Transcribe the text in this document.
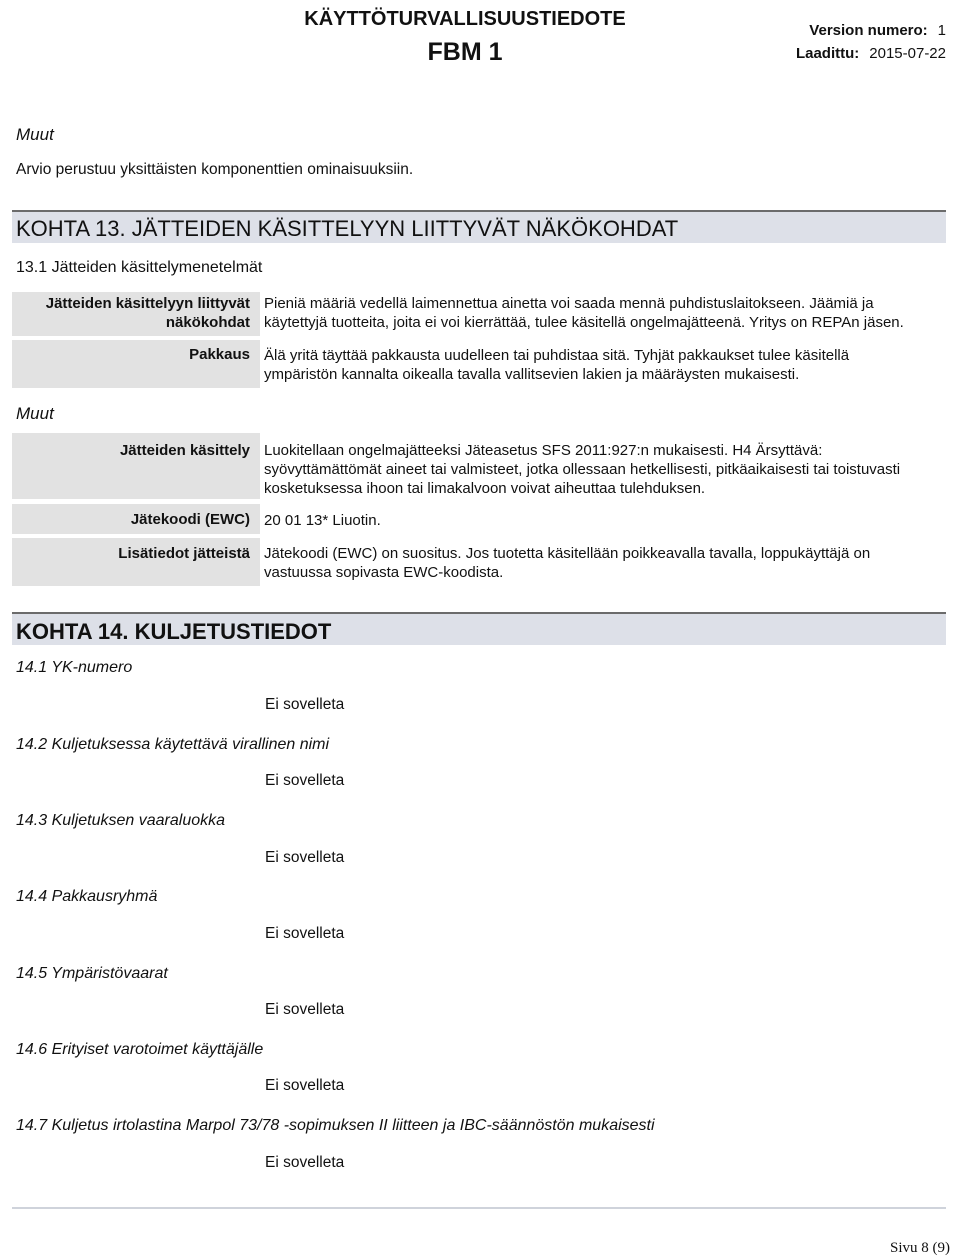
KÄYTTÖTURVALLISUUSTIEDOTE
FBM 1
Version numero: 1
Laadittu: 2015-07-22
Muut
Arvio perustuu yksittäisten komponenttien ominaisuuksiin.
KOHTA 13. JÄTTEIDEN KÄSITTELYYN LIITTYVÄT NÄKÖKOHDAT
13.1 Jätteiden käsittelymenetelmät
Jätteiden käsittelyyn liittyvät
näkökohdat
Pieniä määriä vedellä laimennettua ainetta voi saada mennä puhdistuslaitokseen. Jäämiä ja
käytettyjä tuotteita, joita ei voi kierrättää, tulee käsitellä ongelmajätteenä. Yritys on REPAn jäsen.
Pakkaus Älä yritä täyttää pakkausta uudelleen tai puhdistaa sitä. Tyhjät pakkaukset tulee käsitellä
ympäristön kannalta oikealla tavalla vallitsevien lakien ja määräysten mukaisesti.
Muut
Jätteiden käsittely Luokitellaan ongelmajätteeksi Jäteasetus SFS 2011:927:n mukaisesti. H4 Ärsyttävä:
syövyttämättömät aineet tai valmisteet, jotka ollessaan hetkellisesti, pitkäaikaisesti tai toistuvasti
kosketuksessa ihoon tai limakalvoon voivat aiheuttaa tulehduksen.
Jätekoodi (EWC) 20 01 13* Liuotin.
Lisätiedot jätteistä Jätekoodi (EWC) on suositus. Jos tuotetta käsitellään poikkeavalla tavalla, loppukäyttäjä on
vastuussa sopivasta EWC-koodista.
KOHTA 14. KULJETUSTIEDOT
14.1 YK-numero
Ei sovelleta
14.2 Kuljetuksessa käytettävä virallinen nimi
Ei sovelleta
14.3 Kuljetuksen vaaraluokka
Ei sovelleta
14.4 Pakkausryhmä
Ei sovelleta
14.5 Ympäristövaarat
Ei sovelleta
14.6 Erityiset varotoimet käyttäjälle
Ei sovelleta
14.7 Kuljetus irtolastina Marpol 73/78 -sopimuksen II liitteen ja IBC-säännöstön mukaisesti
Ei sovelleta
Sivu 8 (9)
